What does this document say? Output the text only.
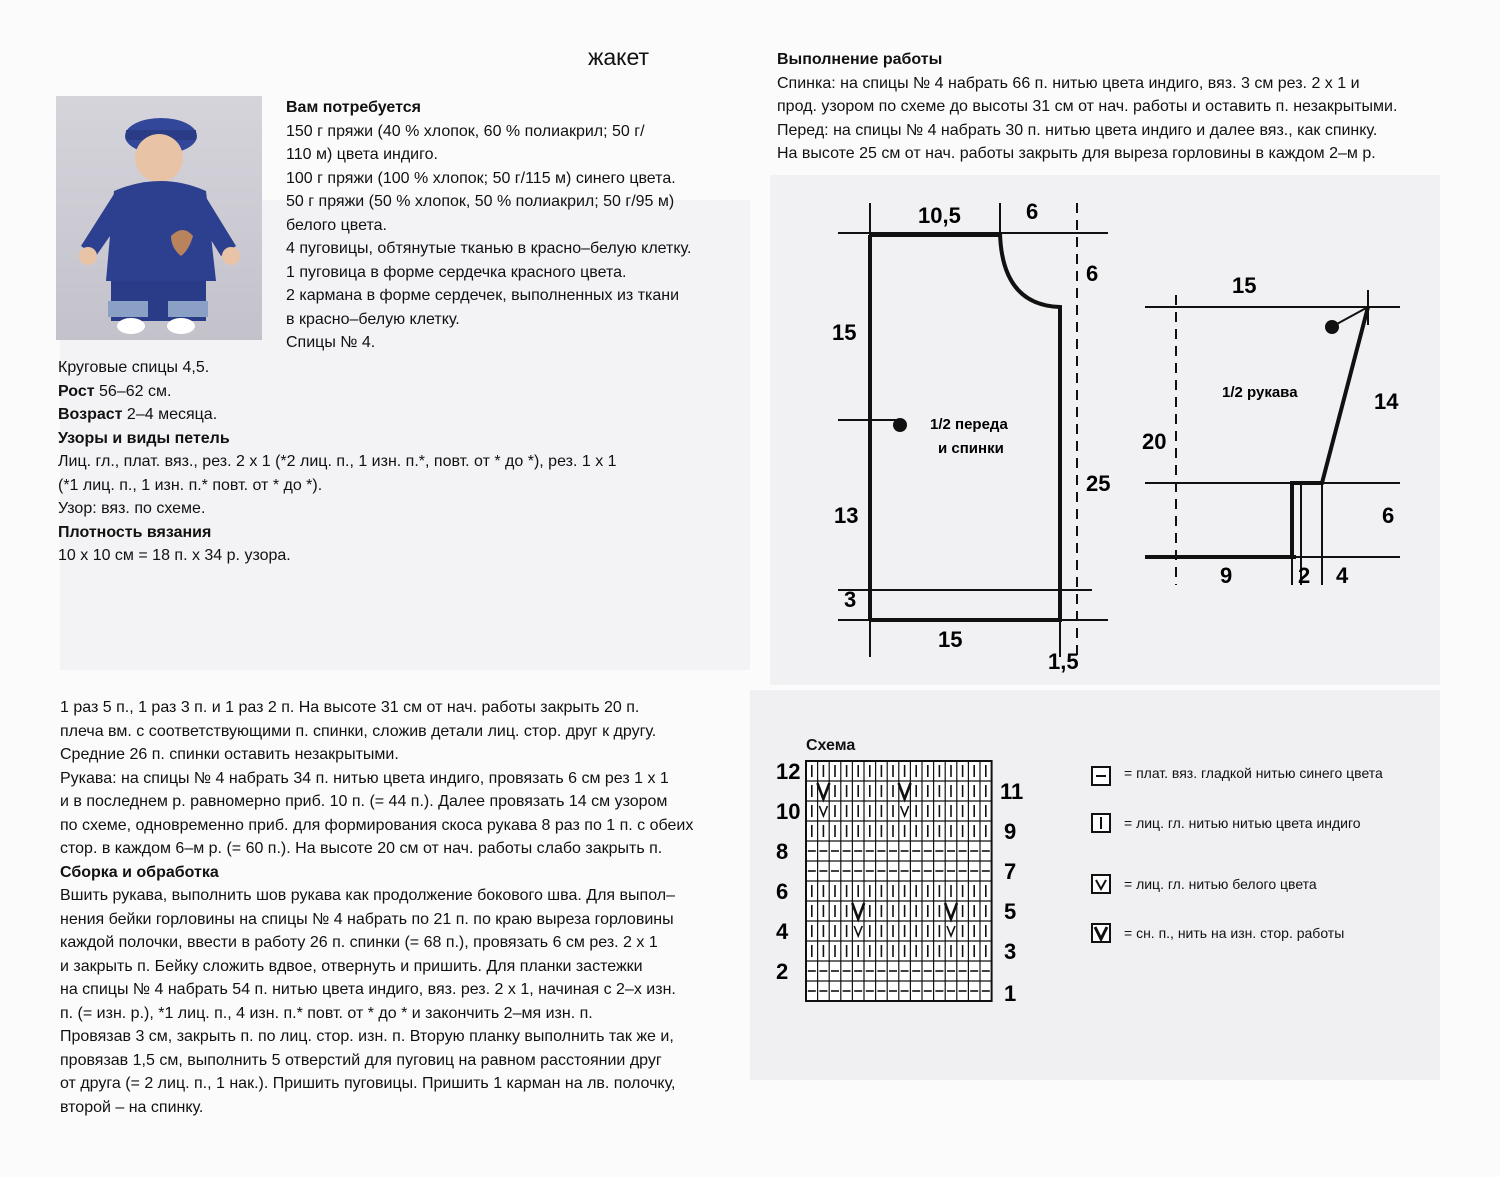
жакет

Вам потребуется

150 г пряжи (40 % хлопок, 60 % полиакрил; 50 г/

110 м) цвета индиго.

100 г пряжи (100 % хлопок; 50 г/115 м) синего цвета.

50 г пряжи (50 % хлопок, 50 % полиакрил; 50 г/95 м)

белого цвета.

4 пуговицы, обтянутые тканью в красно–белую клетку.

1 пуговица в форме сердечка красного цвета.

2 кармана в форме сердечек, выполненных из ткани

в красно–белую клетку.

Спицы № 4.

Круговые спицы 4,5.

Рост 56–62 см.

Возраст 2–4 месяца.

Узоры и виды петель

Лиц. гл., плат. вяз., рез. 2 х 1 (*2 лиц. п., 1 изн. п.*, повт. от * до *), рез. 1 х 1

(*1 лиц. п., 1 изн. п.* повт. от * до *).

Узор: вяз. по схеме.

Плотность вязания

10 х 10 см = 18 п. х 34 р. узора.

Выполнение работы

Спинка: на спицы № 4 набрать 66 п. нитью цвета индиго, вяз. 3 см рез. 2 х 1 и

прод. узором по схеме до высоты 31 см от нач. работы и оставить п. незакрытыми.

Перед: на спицы № 4 набрать 30 п. нитью цвета индиго и далее вяз., как спинку.

На высоте 25 см от нач. работы закрыть для выреза горловины в каждом 2–м р.

10,5	6
6
15
1/2 переда
и спинки
25
13
3
15
1,5
15
1/2 рукава	14
20
6
9	2 4

1 раз 5 п., 1 раз 3 п. и 1 раз 2 п. На высоте 31 см от нач. работы закрыть 20 п.

плеча вм. с соответствующими п. спинки, сложив детали лиц. стор. друг к другу.

Средние 26 п. спинки оставить незакрытыми.

Рукава: на спицы № 4 набрать 34 п. нитью цвета индиго, провязать 6 см рез 1 х 1

и в последнем р. равномерно приб. 10 п. (= 44 п.). Далее провязать 14 см узором

по схеме, одновременно приб. для формирования скоса рукава 8 раз по 1 п. с обеих

стор. в каждом 6–м р. (= 60 п.). На высоте 20 см от нач. работы слабо закрыть п.

Сборка и обработка

Вшить рукава, выполнить шов рукава как продолжение бокового шва. Для выпол–

нения бейки горловины на спицы № 4 набрать по 21 п. по краю выреза горловины

каждой полочки, ввести в работу 26 п. спинки (= 68 п.), провязать 6 см рез. 2 х 1

и закрыть п. Бейку сложить вдвое, отвернуть и пришить. Для планки застежки

на спицы № 4 набрать 54 п. нитью цвета индиго, вяз. рез. 2 х 1, начиная с 2–х изн.

п. (= изн. р.), *1 лиц. п., 4 изн. п.* повт. от * до * и закончить 2–мя изн. п.

Провязав 3 см, закрыть п. по лиц. стор. изн. п. Вторую планку выполнить так же и,

провязав 1,5 см, выполнить 5 отверстий для пуговиц на равном расстоянии друг

от друга (= 2 лиц. п., 1 нак.). Пришить пуговицы. Пришить 1 карман на лв. полочку,

второй – на спинку.

Схема
12
10
8
6
4
2
11
9
7
5
3
1
= плат. вяз. гладкой нитью синего цвета
= лиц. гл. нитью нитью цвета индиго
= лиц. гл. нитью белого цвета
= сн. п., нить на изн. стор. работы
